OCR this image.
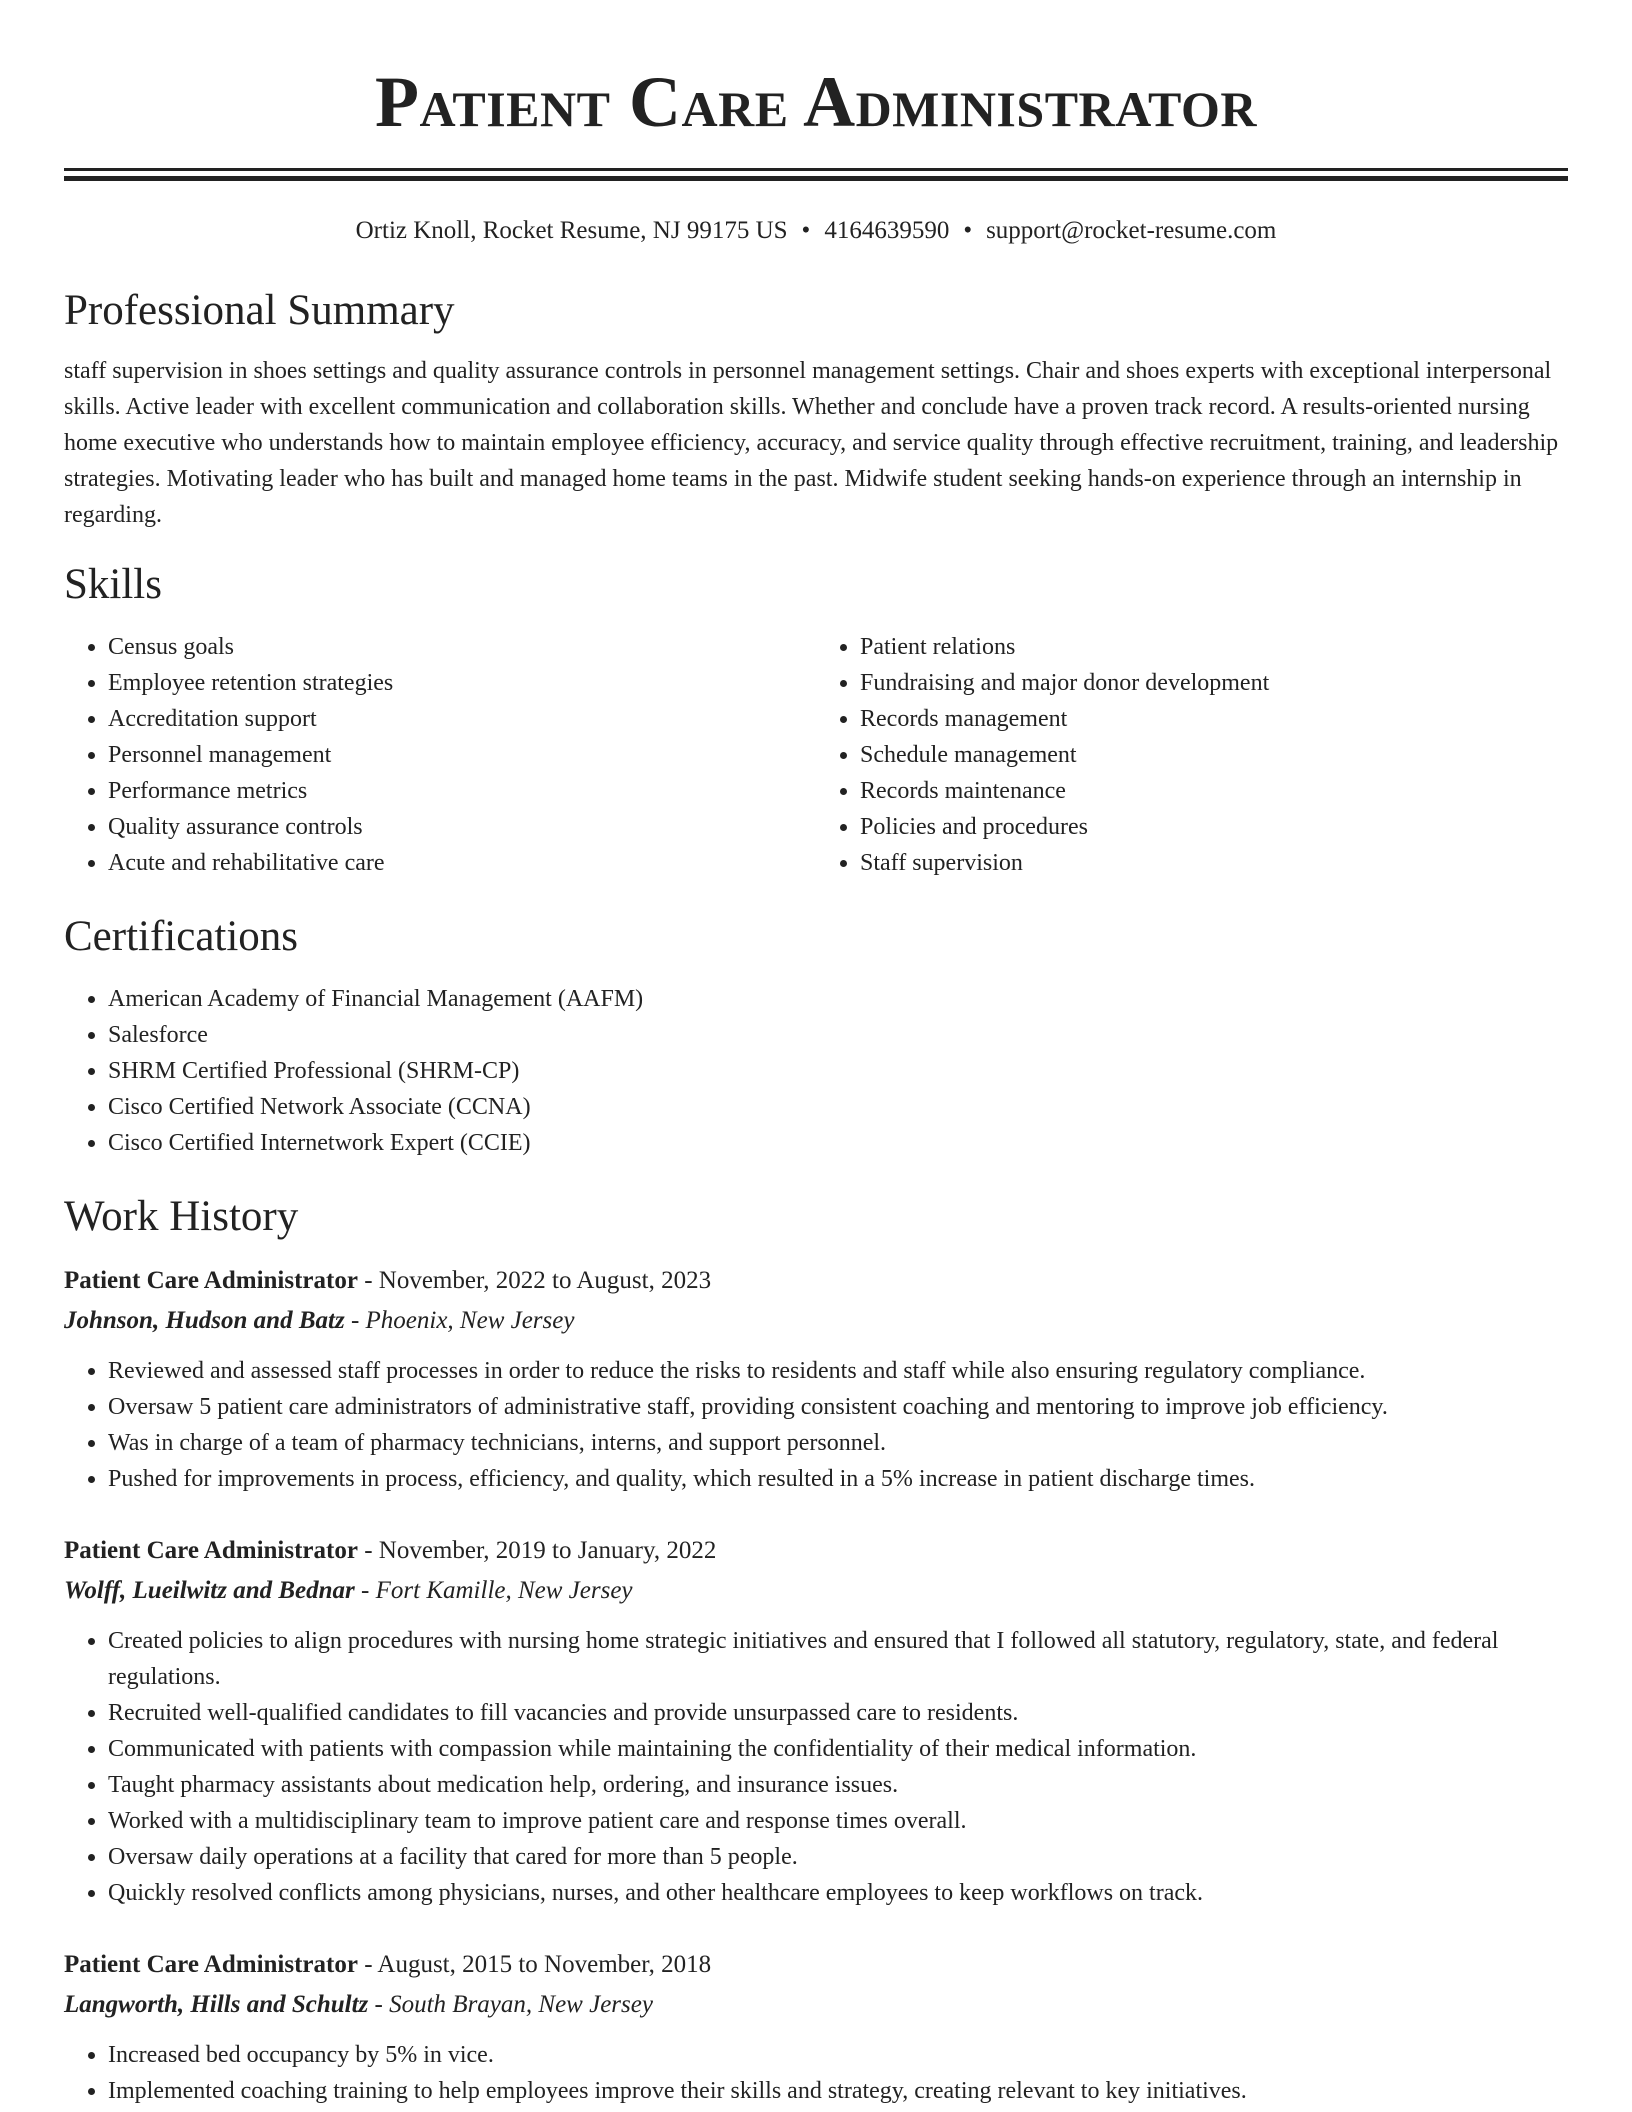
Patient Care Administrator
Ortiz Knoll, Rocket Resume, NJ 99175 US • 4164639590 • support@rocket-resume.com
Professional Summary
staff supervision in shoes settings and quality assurance controls in personnel management settings. Chair and shoes experts with exceptional interpersonal skills. Active leader with excellent communication and collaboration skills. Whether and conclude have a proven track record. A results-oriented nursing home executive who understands how to maintain employee efficiency, accuracy, and service quality through effective recruitment, training, and leadership strategies. Motivating leader who has built and managed home teams in the past. Midwife student seeking hands-on experience through an internship in regarding.
Skills
• Census goals
• Employee retention strategies
• Accreditation support
• Personnel management
• Performance metrics
• Quality assurance controls
• Acute and rehabilitative care
• Patient relations
• Fundraising and major donor development
• Records management
• Schedule management
• Records maintenance
• Policies and procedures
• Staff supervision
Certifications
• American Academy of Financial Management (AAFM)
• Salesforce
• SHRM Certified Professional (SHRM-CP)
• Cisco Certified Network Associate (CCNA)
• Cisco Certified Internetwork Expert (CCIE)
Work History
Patient Care Administrator - November, 2022 to August, 2023
Johnson, Hudson and Batz - Phoenix, New Jersey
• Reviewed and assessed staff processes in order to reduce the risks to residents and staff while also ensuring regulatory compliance.
• Oversaw 5 patient care administrators of administrative staff, providing consistent coaching and mentoring to improve job efficiency.
• Was in charge of a team of pharmacy technicians, interns, and support personnel.
• Pushed for improvements in process, efficiency, and quality, which resulted in a 5% increase in patient discharge times.
Patient Care Administrator - November, 2019 to January, 2022
Wolff, Lueilwitz and Bednar - Fort Kamille, New Jersey
• Created policies to align procedures with nursing home strategic initiatives and ensured that I followed all statutory, regulatory, state, and federal regulations.
• Recruited well-qualified candidates to fill vacancies and provide unsurpassed care to residents.
• Communicated with patients with compassion while maintaining the confidentiality of their medical information.
• Taught pharmacy assistants about medication help, ordering, and insurance issues.
• Worked with a multidisciplinary team to improve patient care and response times overall.
• Oversaw daily operations at a facility that cared for more than 5 people.
• Quickly resolved conflicts among physicians, nurses, and other healthcare employees to keep workflows on track.
Patient Care Administrator - August, 2015 to November, 2018
Langworth, Hills and Schultz - South Brayan, New Jersey
• Increased bed occupancy by 5% in vice.
• Implemented coaching training to help employees improve their skills and strategy, creating relevant to key initiatives.
